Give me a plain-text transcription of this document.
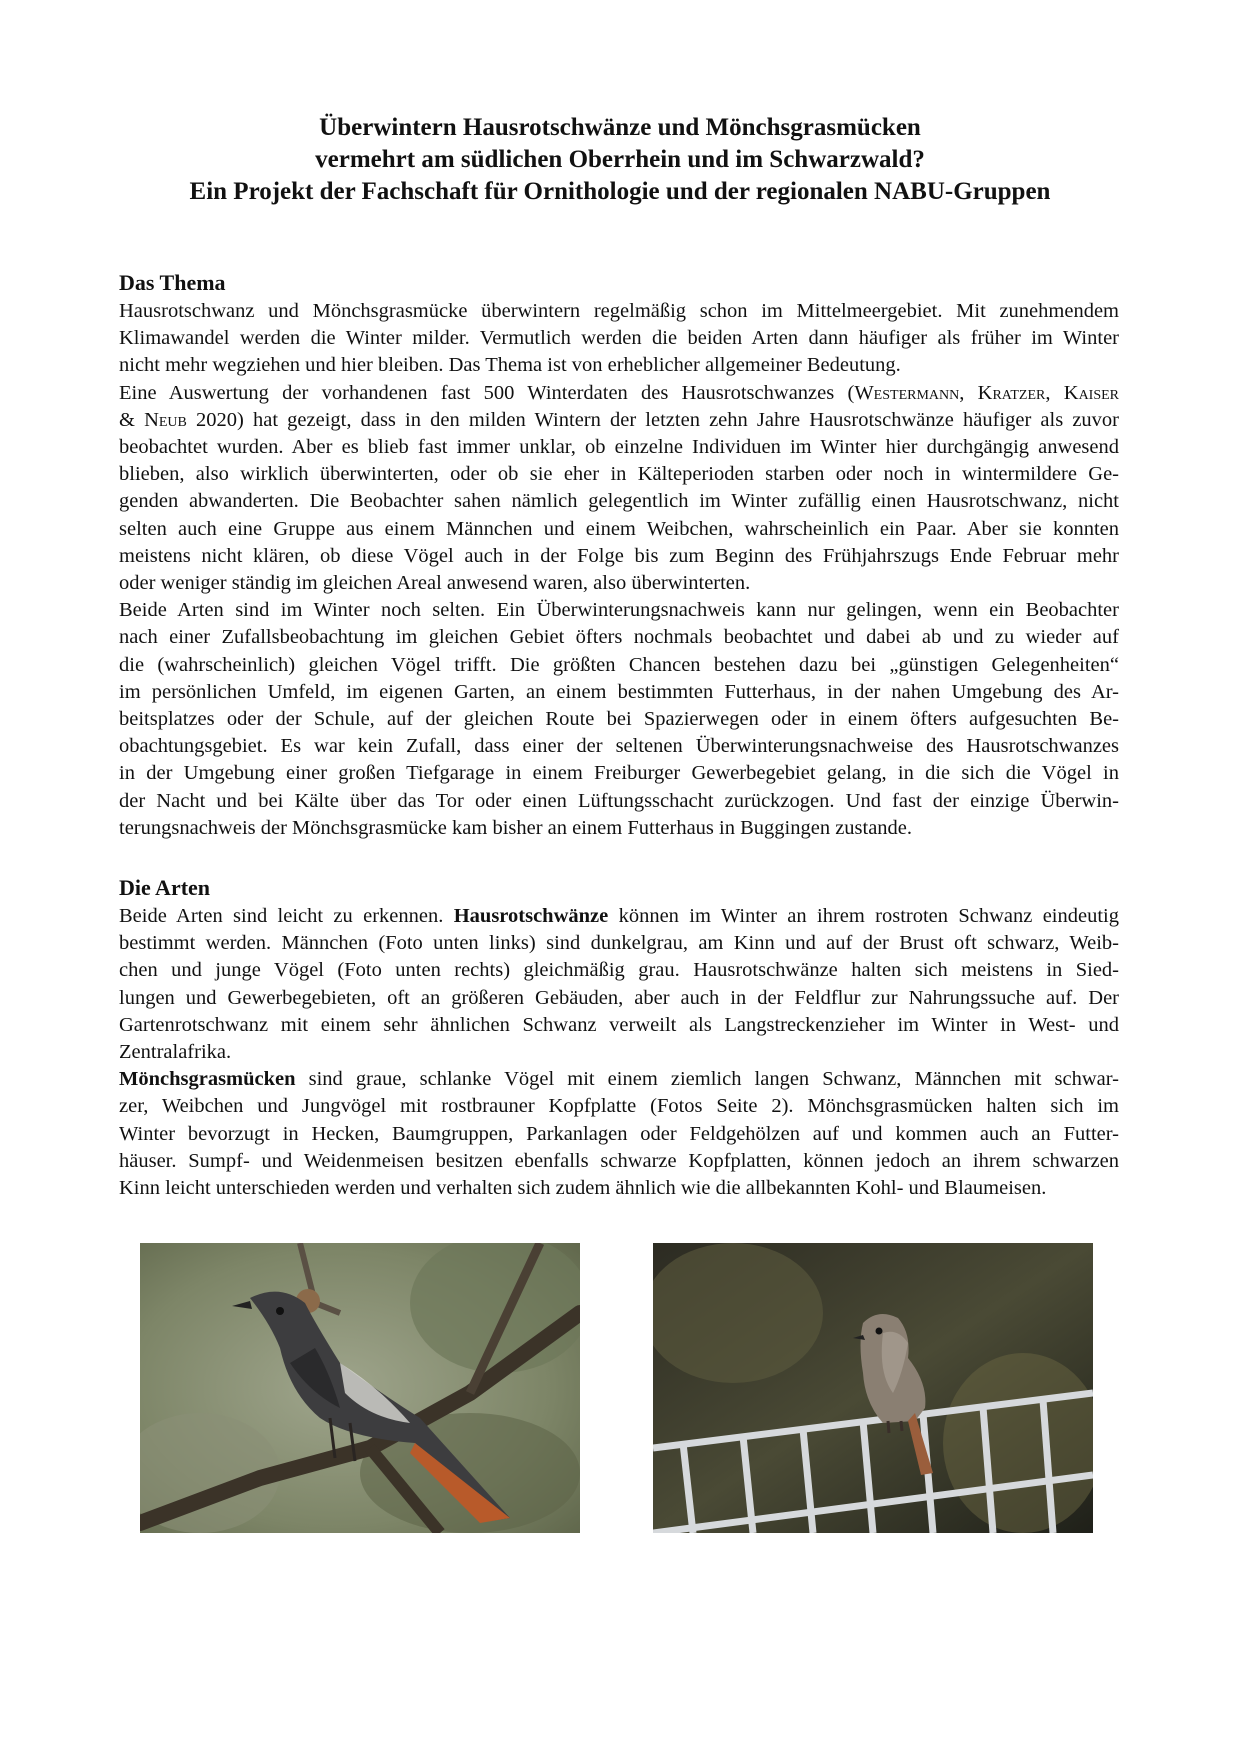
Überwintern Hausrotschwänze und Mönchsgrasmücken
vermehrt am südlichen Oberrhein und im Schwarzwald?
Ein Projekt der Fachschaft für Ornithologie und der regionalen NABU-Gruppen
Das Thema

Hausrotschwanz und Mönchsgrasmücke überwintern regelmäßig schon im Mittelmeergebiet. Mit zunehmendem

Klimawandel werden die Winter milder. Vermutlich werden die beiden Arten dann häufiger als früher im Winter

nicht mehr wegziehen und hier bleiben. Das Thema ist von erheblicher allgemeiner Bedeutung.

Eine Auswertung der vorhandenen fast 500 Winterdaten des Hausrotschwanzes (Westermann, Kratzer, Kaiser

& Neub 2020) hat gezeigt, dass in den milden Wintern der letzten zehn Jahre Hausrotschwänze häufiger als zuvor

beobachtet wurden. Aber es blieb fast immer unklar, ob einzelne Individuen im Winter hier durchgängig anwesend

blieben, also wirklich überwinterten, oder ob sie eher in Kälteperioden starben oder noch in wintermildere Ge-

genden abwanderten. Die Beobachter sahen nämlich gelegentlich im Winter zufällig einen Hausrotschwanz, nicht

selten auch eine Gruppe aus einem Männchen und einem Weibchen, wahrscheinlich ein Paar. Aber sie konnten

meistens nicht klären, ob diese Vögel auch in der Folge bis zum Beginn des Frühjahrszugs Ende Februar mehr

oder weniger ständig im gleichen Areal anwesend waren, also überwinterten.

Beide Arten sind im Winter noch selten. Ein Überwinterungsnachweis kann nur gelingen, wenn ein Beobachter

nach einer Zufallsbeobachtung im gleichen Gebiet öfters nochmals beobachtet und dabei ab und zu wieder auf

die (wahrscheinlich) gleichen Vögel trifft. Die größten Chancen bestehen dazu bei „günstigen Gelegenheiten“

im persönlichen Umfeld, im eigenen Garten, an einem bestimmten Futterhaus, in der nahen Umgebung des Ar-

beitsplatzes oder der Schule, auf der gleichen Route bei Spazierwegen oder in einem öfters aufgesuchten Be-

obachtungsgebiet. Es war kein Zufall, dass einer der seltenen Überwinterungsnachweise des Hausrotschwanzes

in der Umgebung einer großen Tiefgarage in einem Freiburger Gewerbegebiet gelang, in die sich die Vögel in

der Nacht und bei Kälte über das Tor oder einen Lüftungsschacht zurückzogen. Und fast der einzige Überwin-

terungsnachweis der Mönchsgrasmücke kam bisher an einem Futterhaus in Buggingen zustande.

Die Arten

Beide Arten sind leicht zu erkennen. Hausrotschwänze können im Winter an ihrem rostroten Schwanz eindeutig

bestimmt werden. Männchen (Foto unten links) sind dunkelgrau, am Kinn und auf der Brust oft schwarz, Weib-

chen und junge Vögel (Foto unten rechts) gleichmäßig grau. Hausrotschwänze halten sich meistens in Sied-

lungen und Gewerbegebieten, oft an größeren Gebäuden, aber auch in der Feldflur zur Nahrungssuche auf. Der

Gartenrotschwanz mit einem sehr ähnlichen Schwanz verweilt als Langstreckenzieher im Winter in West- und

Zentralafrika.

Mönchsgrasmücken sind graue, schlanke Vögel mit einem ziemlich langen Schwanz, Männchen mit schwar-

zer, Weibchen und Jungvögel mit rostbrauner Kopfplatte (Fotos Seite 2). Mönchsgrasmücken halten sich im

Winter bevorzugt in Hecken, Baumgruppen, Parkanlagen oder Feldgehölzen auf und kommen auch an Futter-

häuser. Sumpf- und Weidenmeisen besitzen ebenfalls schwarze Kopfplatten, können jedoch an ihrem schwarzen

Kinn leicht unterschieden werden und verhalten sich zudem ähnlich wie die allbekannten Kohl- und Blaumeisen.
